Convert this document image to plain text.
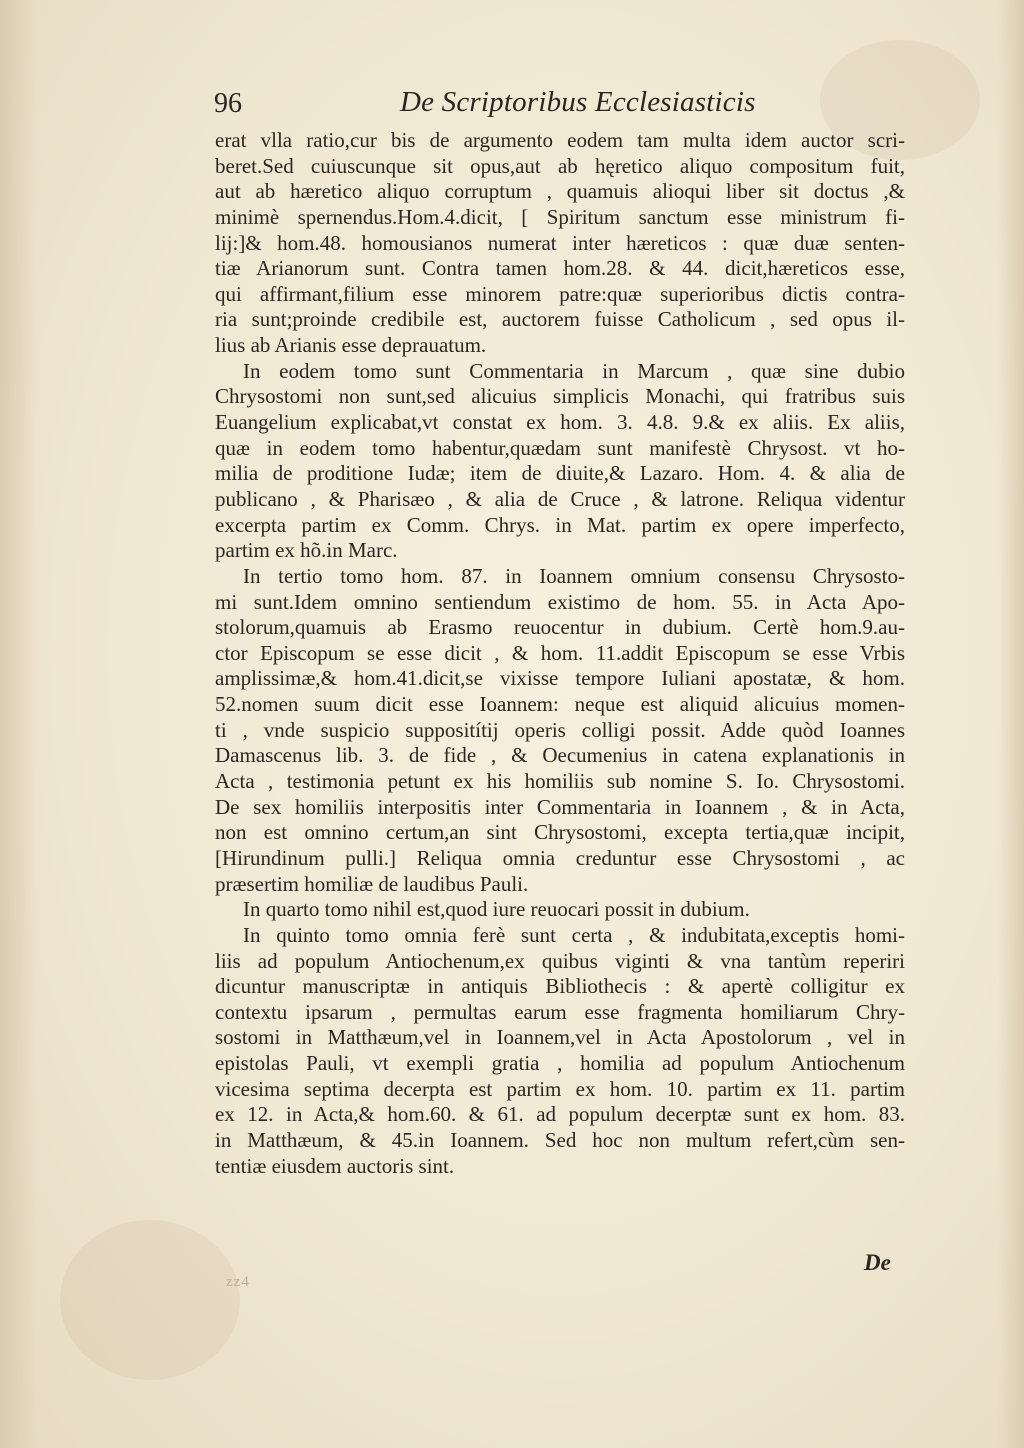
96	De Scriptoribus Ecclesiasticis
erat vlla ratio,cur bis de argumento eodem tam multa idem auctor scri-
beret.Sed cuiuscunque sit opus,aut ab hęretico aliquo compositum fuit,
aut ab hæretico aliquo corruptum , quamuis alioqui liber sit doctus ,&
minimè spernendus.Hom.4.dicit, [ Spiritum sanctum esse ministrum fi-
lij:]& hom.48. homousianos numerat inter hæreticos : quæ duæ senten-
tiæ Arianorum sunt. Contra tamen hom.28. & 44. dicit,hæreticos esse,
qui affirmant,filium esse minorem patre:quæ superioribus dictis contra-
ria sunt;proinde credibile est, auctorem fuisse Catholicum , sed opus il-
lius ab Arianis esse deprauatum.
In eodem tomo sunt Commentaria in Marcum , quæ sine dubio
Chrysostomi non sunt,sed alicuius simplicis Monachi, qui fratribus suis
Euangelium explicabat,vt constat ex hom. 3. 4.8. 9.& ex aliis. Ex aliis,
quæ in eodem tomo habentur,quædam sunt manifestè Chrysost. vt ho-
milia de proditione Iudæ; item de diuite,& Lazaro. Hom. 4. & alia de
publicano , & Pharisæo , & alia de Cruce , & latrone. Reliqua videntur
excerpta partim ex Comm. Chrys. in Mat. partim ex opere imperfecto,
partim ex hõ.in Marc.
In tertio tomo hom. 87. in Ioannem omnium consensu Chrysosto-
mi sunt.Idem omnino sentiendum existimo de hom. 55. in Acta Apo-
stolorum,quamuis ab Erasmo reuocentur in dubium. Certè hom.9.au-
ctor Episcopum se esse dicit , & hom. 11.addit Episcopum se esse Vrbis
amplissimæ,& hom.41.dicit,se vixisse tempore Iuliani apostatæ, & hom.
52.nomen suum dicit esse Ioannem: neque est aliquid alicuius momen-
ti , vnde suspicio suppositítij operis colligi possit. Adde quòd Ioannes
Damascenus lib. 3. de fide , & Oecumenius in catena explanationis in
Acta , testimonia petunt ex his homiliis sub nomine S. Io. Chrysostomi.
De sex homiliis interpositis inter Commentaria in Ioannem , & in Acta,
non est omnino certum,an sint Chrysostomi, excepta tertia,quæ incipit,
[Hirundinum pulli.] Reliqua omnia creduntur esse Chrysostomi , ac
præsertim homiliæ de laudibus Pauli.
In quarto tomo nihil est,quod iure reuocari possit in dubium.
In quinto tomo omnia ferè sunt certa , & indubitata,exceptis homi-
liis ad populum Antiochenum,ex quibus viginti & vna tantùm reperiri
dicuntur manuscriptæ in antiquis Bibliothecis : & apertè colligitur ex
contextu ipsarum , permultas earum esse fragmenta homiliarum Chry-
sostomi in Matthæum,vel in Ioannem,vel in Acta Apostolorum , vel in
epistolas Pauli, vt exempli gratia , homilia ad populum Antiochenum
vicesima septima decerpta est partim ex hom. 10. partim ex 11. partim
ex 12. in Acta,& hom.60. & 61. ad populum decerptæ sunt ex hom. 83.
in Matthæum, & 45.in Ioannem. Sed hoc non multum refert,cùm sen-
tentiæ eiusdem auctoris sint.
De
zz4
